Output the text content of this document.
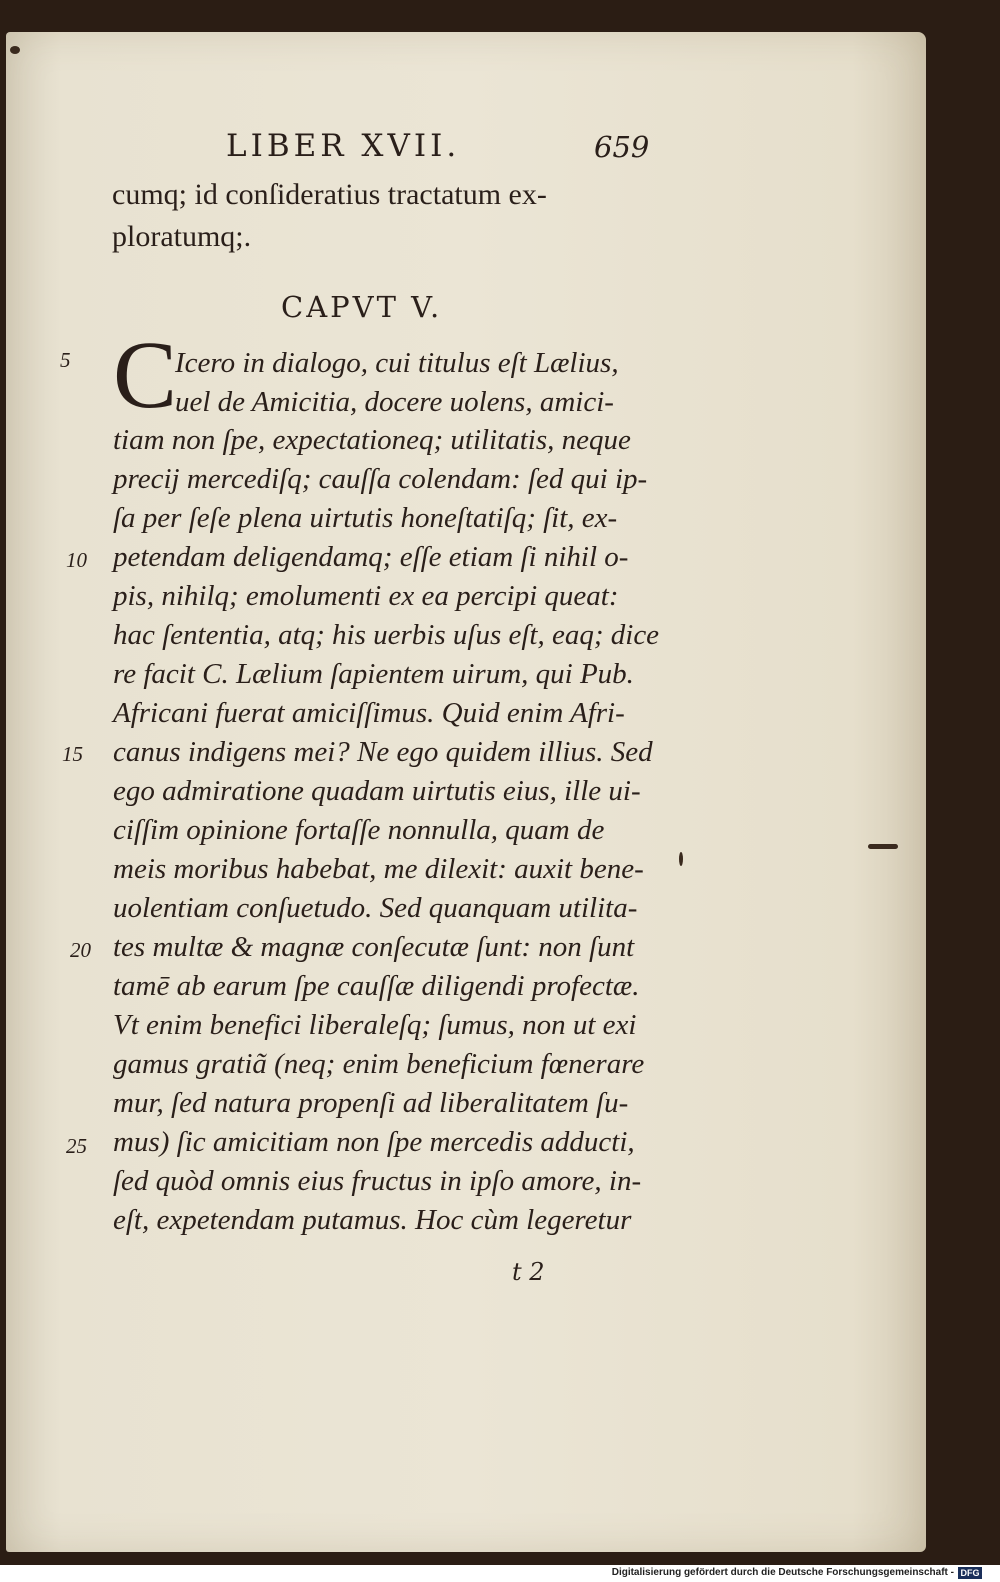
LIBER XVII.	659
cumq; id conſideratius tractatum ex-
ploratumq;.
CAPVT V.
C
Icero in dialogo, cui titulus eſt Lælius,
uel de Amicitia, docere uolens, amici-
tiam non ſpe, expectationeq; utilitatis, neque
precij mercediſq; cauſſa colendam: ſed qui ip-
ſa per ſeſe plena uirtutis honeſtatiſq; ſit, ex-
petendam deligendamq; eſſe etiam ſi nihil o-
pis, nihilq; emolumenti ex ea percipi queat:
hac ſententia, atq; his uerbis uſus eſt, eaq; dice
re facit C. Lælium ſapientem uirum, qui Pub.
Africani fuerat amiciſſimus. Quid enim Afri-
canus indigens mei? Ne ego quidem illius. Sed
ego admiratione quadam uirtutis eius, ille ui-
ciſſim opinione fortaſſe nonnulla, quam de
meis moribus habebat, me dilexit: auxit bene-
uolentiam conſuetudo. Sed quanquam utilita-
tes multæ & magnæ conſecutæ ſunt: non ſunt
tamē ab earum ſpe cauſſæ diligendi profectæ.
Vt enim benefici liberaleſq; ſumus, non ut exi
gamus gratiã (neq; enim beneficium fœnerare
mur, ſed natura propenſi ad liberalitatem ſu-
mus) ſic amicitiam non ſpe mercedis adducti,
ſed quòd omnis eius fructus in ipſo amore, in-
eſt, expetendam putamus. Hoc cùm legeretur
5
10
15
20
25
t 2
Digitalisierung gefördert durch die Deutsche Forschungsgemeinschaft - DFG
